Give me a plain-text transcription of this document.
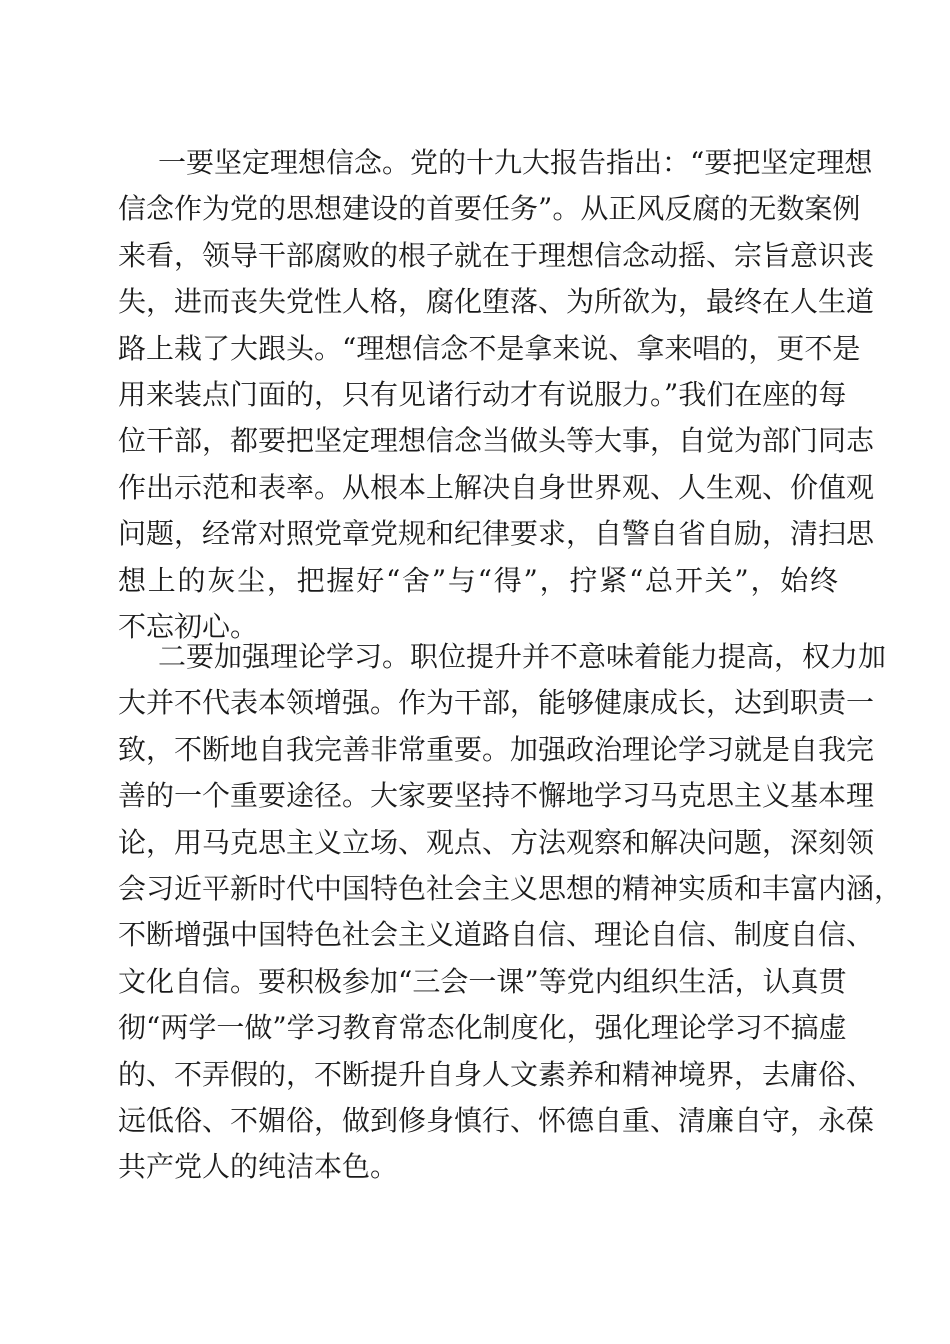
一要坚定理想信念。党的十九大报告指出：“要把坚定理想
信念作为党的思想建设的首要任务”。从正风反腐的无数案例
来看，领导干部腐败的根子就在于理想信念动摇、宗旨意识丧
失，进而丧失党性人格，腐化堕落、为所欲为，最终在人生道
路上栽了大跟头。“理想信念不是拿来说、拿来唱的，更不是
用来装点门面的，只有见诸行动才有说服力。”我们在座的每
位干部，都要把坚定理想信念当做头等大事，自觉为部门同志
作出示范和表率。从根本上解决自身世界观、人生观、价值观
问题，经常对照党章党规和纪律要求，自警自省自励，清扫思
想上的灰尘，把握好“舍”与“得”，拧紧“总开关”，始终
不忘初心。
二要加强理论学习。职位提升并不意味着能力提高，权力加
大并不代表本领增强。作为干部，能够健康成长，达到职责一
致，不断地自我完善非常重要。加强政治理论学习就是自我完
善的一个重要途径。大家要坚持不懈地学习马克思主义基本理
论，用马克思主义立场、观点、方法观察和解决问题，深刻领
会习近平新时代中国特色社会主义思想的精神实质和丰富内涵，
不断增强中国特色社会主义道路自信、理论自信、制度自信、
文化自信。要积极参加“三会一课”等党内组织生活，认真贯
彻“两学一做”学习教育常态化制度化，强化理论学习不搞虚
的、不弄假的，不断提升自身人文素养和精神境界，去庸俗、
远低俗、不媚俗，做到修身慎行、怀德自重、清廉自守，永葆
共产党人的纯洁本色。
